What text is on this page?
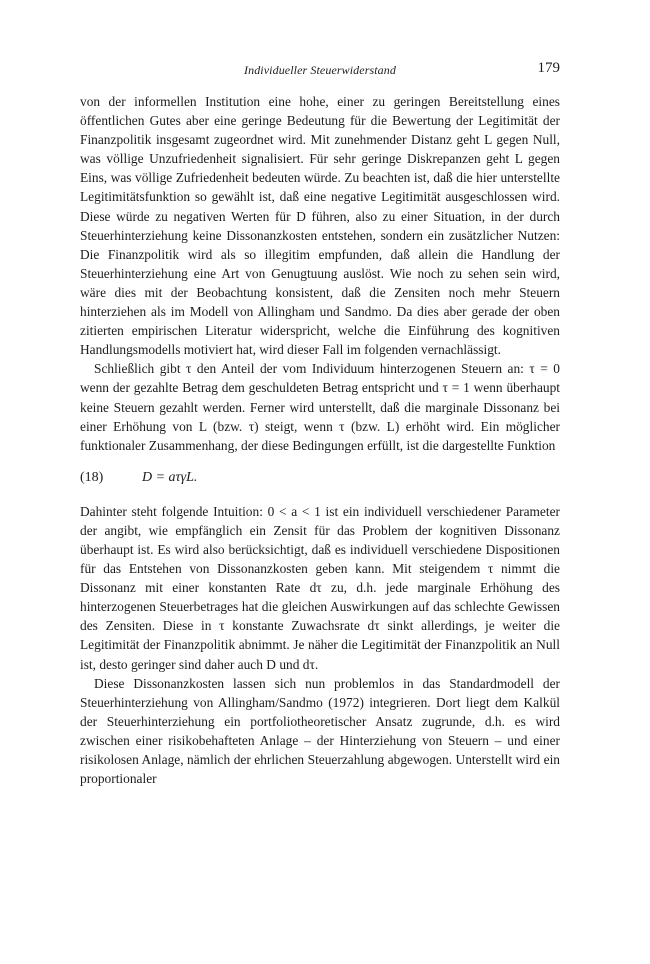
Individueller Steuerwiderstand	179

von der informellen Institution eine hohe, einer zu geringen Bereitstellung eines öffentlichen Gutes aber eine geringe Bedeutung für die Bewertung der Legitimität der Finanzpolitik insgesamt zugeordnet wird. Mit zunehmender Distanz geht L gegen Null, was völlige Unzufriedenheit signalisiert. Für sehr geringe Diskrepanzen geht L gegen Eins, was völlige Zufriedenheit bedeuten würde. Zu beachten ist, daß die hier unterstellte Legitimitätsfunktion so gewählt ist, daß eine negative Legitimität ausgeschlossen wird. Diese würde zu negativen Werten für D führen, also zu einer Situation, in der durch Steuerhinterziehung keine Dissonanzkosten entstehen, sondern ein zusätzlicher Nutzen: Die Finanzpolitik wird als so illegitim empfunden, daß allein die Handlung der Steuerhinterziehung eine Art von Genugtuung auslöst. Wie noch zu sehen sein wird, wäre dies mit der Beobachtung konsistent, daß die Zensiten noch mehr Steuern hinterziehen als im Modell von Allingham und Sandmo. Da dies aber gerade der oben zitierten empirischen Literatur widerspricht, welche die Einführung des kognitiven Handlungsmodells motiviert hat, wird dieser Fall im folgenden vernachlässigt.

Schließlich gibt τ den Anteil der vom Individuum hinterzogenen Steuern an: τ = 0 wenn der gezahlte Betrag dem geschuldeten Betrag entspricht und τ = 1 wenn überhaupt keine Steuern gezahlt werden. Ferner wird unterstellt, daß die marginale Dissonanz bei einer Erhöhung von L (bzw. τ) steigt, wenn τ (bzw. L) erhöht wird. Ein möglicher funktionaler Zusammenhang, der diese Bedingungen erfüllt, ist die dargestellte Funktion

(18)	D = aτγL.

Dahinter steht folgende Intuition: 0 < a < 1 ist ein individuell verschiedener Parameter der angibt, wie empfänglich ein Zensit für das Problem der kognitiven Dissonanz überhaupt ist. Es wird also berücksichtigt, daß es individuell verschiedene Dispositionen für das Entstehen von Dissonanzkosten geben kann. Mit steigendem τ nimmt die Dissonanz mit einer konstanten Rate dτ zu, d.h. jede marginale Erhöhung des hinterzogenen Steuerbetrages hat die gleichen Auswirkungen auf das schlechte Gewissen des Zensiten. Diese in τ konstante Zuwachsrate dτ sinkt allerdings, je weiter die Legitimität der Finanzpolitik abnimmt. Je näher die Legitimität der Finanzpolitik an Null ist, desto geringer sind daher auch D und dτ.

Diese Dissonanzkosten lassen sich nun problemlos in das Standardmodell der Steuerhinterziehung von Allingham/Sandmo (1972) integrieren. Dort liegt dem Kalkül der Steuerhinterziehung ein portfoliotheoretischer Ansatz zugrunde, d.h. es wird zwischen einer risikobehafteten Anlage – der Hinterziehung von Steuern – und einer risikolosen Anlage, nämlich der ehrlichen Steuerzahlung abgewogen. Unterstellt wird ein proportionaler
